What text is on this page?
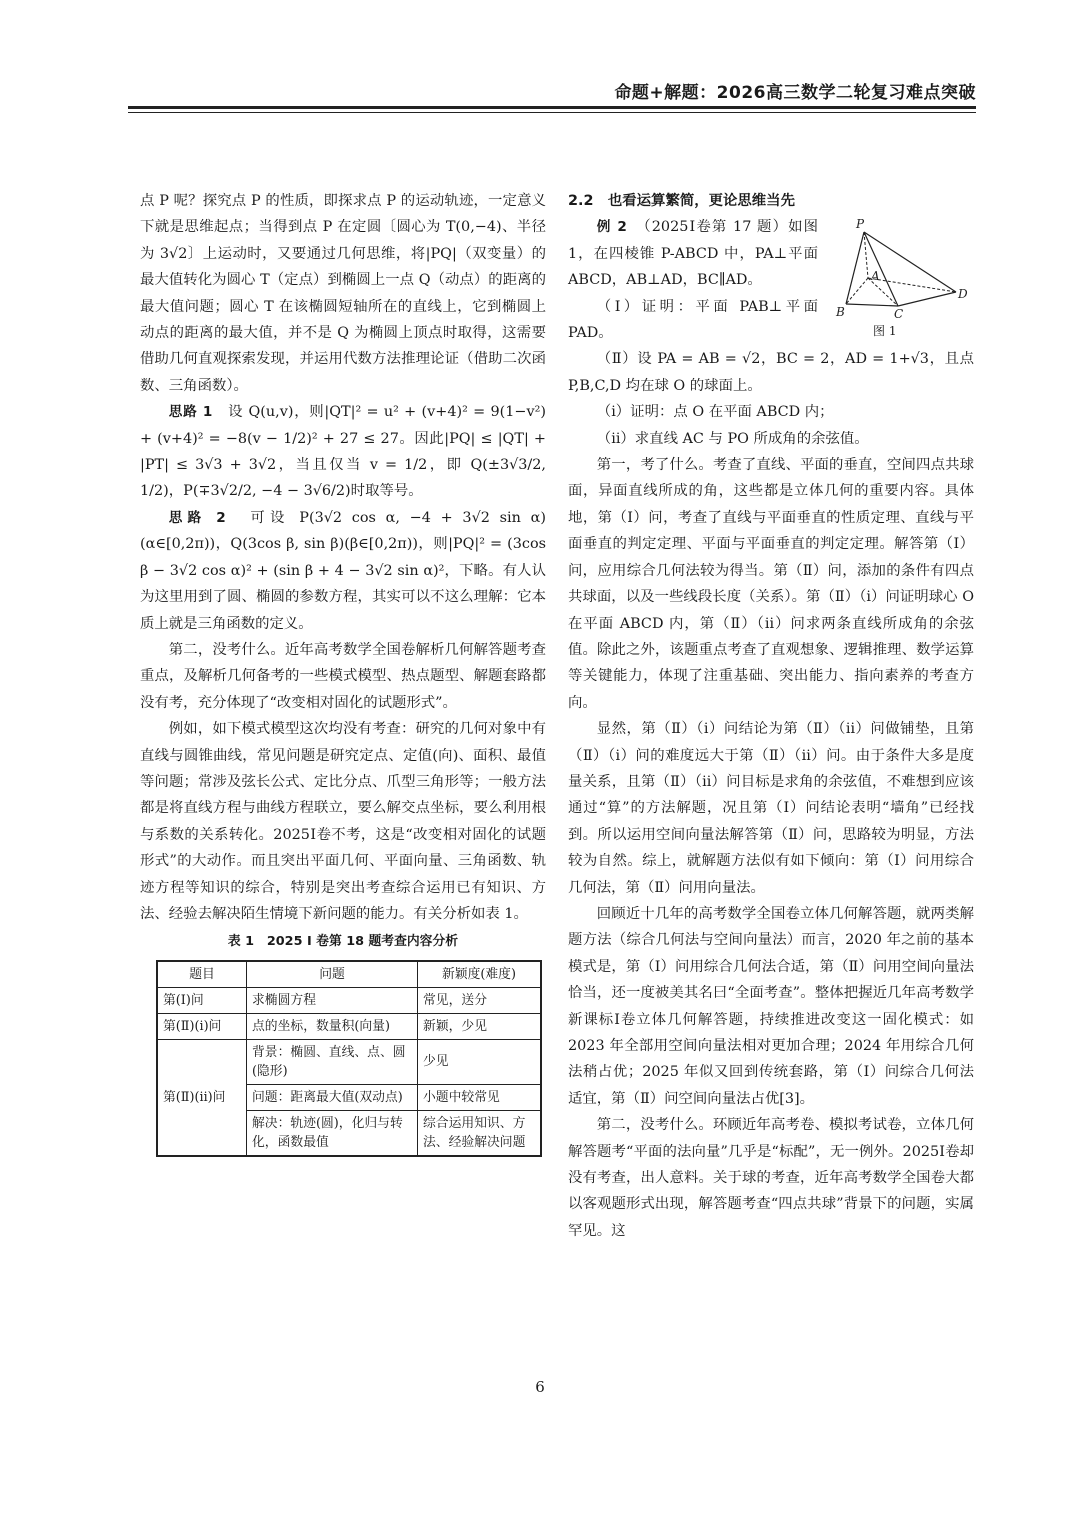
命题+解题：2026高三数学二轮复习难点突破

点 P 呢？探究点 P 的性质，即探求点 P 的运动轨迹，一定意义下就是思维起点；当得到点 P 在定圆〔圆心为 T(0,−4)、半径为 3√2〕上运动时，又要通过几何思维，将|PQ|（双变量）的最大值转化为圆心 T（定点）到椭圆上一点 Q（动点）的距离的最大值问题；圆心 T 在该椭圆短轴所在的直线上，它到椭圆上动点的距离的最大值，并不是 Q 为椭圆上顶点时取得，这需要借助几何直观探索发现，并运用代数方法推理论证（借助二次函数、三角函数）。

思路 1　 设 Q(u,v)，则|QT|² = u² + (v+4)² = 9(1−v²) + (v+4)² = −8(v − 1/2)² + 27 ≤ 27。因此|PQ| ≤ |QT| + |PT| ≤ 3√3 + 3√2，当且仅当 v = 1/2，即 Q(±3√3/2, 1/2)，P(∓3√2/2, −4 − 3√6/2)时取等号。

思路 2　 可设 P(3√2 cos α, −4 + 3√2 sin α)(α∈[0,2π))，Q(3cos β, sin β)(β∈[0,2π))，则|PQ|² = (3cos β − 3√2 cos α)² + (sin β + 4 − 3√2 sin α)²，下略。有人认为这里用到了圆、椭圆的参数方程，其实可以不这么理解：它本质上就是三角函数的定义。

第二，没考什么。近年高考数学全国卷解析几何解答题考查重点，及解析几何备考的一些模式模型、热点题型、解题套路都没有考，充分体现了“改变相对固化的试题形式”。

例如，如下模式模型这次均没有考查：研究的几何对象中有直线与圆锥曲线，常见问题是研究定点、定值(向)、面积、最值等问题；常涉及弦长公式、定比分点、爪型三角形等；一般方法都是将直线方程与曲线方程联立，要么解交点坐标，要么利用根与系数的关系转化。2025Ⅰ卷不考，这是“改变相对固化的试题形式”的大动作。而且突出平面几何、平面向量、三角函数、轨迹方程等知识的综合，特别是突出考查综合运用已有知识、方法、经验去解决陌生情境下新问题的能力。有关分析如表 1。

表 1　2025 Ⅰ 卷第 18 题考查内容分析
题目	问题	新颖度(难度)
第(Ⅰ)问	求椭圆方程	常见，送分
第(Ⅱ)(ⅰ)问	点的坐标，数量积(向量)	新颖，少见
第(Ⅱ)(ⅱ)问	背景：椭圆、直线、点、圆(隐形)	少见
	问题：距离最大值(双动点)	小题中较常见
	解决：轨迹(圆)，化归与转化，函数最值	综合运用知识、方法、经验解决问题

2.2　也看运算繁简，更论思维当先

例 2　 （2025Ⅰ卷第 17 题）如图 1，在四棱锥 P-ABCD 中，PA⊥平面 ABCD，AB⊥AD，BC∥AD。

（Ⅰ）证明：平面 PAB⊥平面 PAD。

（Ⅱ）设 PA = AB = √2，BC = 2，AD = 1+√3，且点 P,B,C,D 均在球 O 的球面上。

（ⅰ）证明：点 O 在平面 ABCD 内；

（ⅱ）求直线 AC 与 PO 所成角的余弦值。

第一，考了什么。考查了直线、平面的垂直，空间四点共球面，异面直线所成的角，这些都是立体几何的重要内容。具体地，第（Ⅰ）问，考查了直线与平面垂直的性质定理、直线与平面垂直的判定定理、平面与平面垂直的判定定理。解答第（Ⅰ）问，应用综合几何法较为得当。第（Ⅱ）问，添加的条件有四点共球面，以及一些线段长度（关系）。第（Ⅱ）（ⅰ）问证明球心 O 在平面 ABCD 内，第（Ⅱ）（ⅱ）问求两条直线所成角的余弦值。除此之外，该题重点考查了直观想象、逻辑推理、数学运算等关键能力，体现了注重基础、突出能力、指向素养的考查方向。

显然，第（Ⅱ）（ⅰ）问结论为第（Ⅱ）（ⅱ）问做铺垫，且第（Ⅱ）（ⅰ）问的难度远大于第（Ⅱ）（ⅱ）问。由于条件大多是度量关系，且第（Ⅱ）（ⅱ）问目标是求角的余弦值，不难想到应该通过“算”的方法解题，况且第（Ⅰ）问结论表明“墙角”已经找到。所以运用空间向量法解答第（Ⅱ）问，思路较为明显，方法较为自然。综上，就解题方法似有如下倾向：第（Ⅰ）问用综合几何法，第（Ⅱ）问用向量法。

回顾近十几年的高考数学全国卷立体几何解答题，就两类解题方法（综合几何法与空间向量法）而言，2020 年之前的基本模式是，第（Ⅰ）问用综合几何法合适，第（Ⅱ）问用空间向量法恰当，还一度被美其名曰“全面考查”。整体把握近几年高考数学新课标Ⅰ卷立体几何解答题，持续推进改变这一固化模式：如 2023 年全部用空间向量法相对更加合理；2024 年用综合几何法稍占优；2025 年似又回到传统套路，第（Ⅰ）问综合几何法适宜，第（Ⅱ）问空间向量法占优[3]。

第二，没考什么。环顾近年高考卷、模拟考试卷，立体几何解答题考“平面的法向量”几乎是“标配”，无一例外。2025Ⅰ卷却没有考查，出人意料。关于球的考查，近年高考数学全国卷大都以客观题形式出现，解答题考查“四点共球”背景下的问题，实属罕见。这

P
A
B	C
D
图 1
6
